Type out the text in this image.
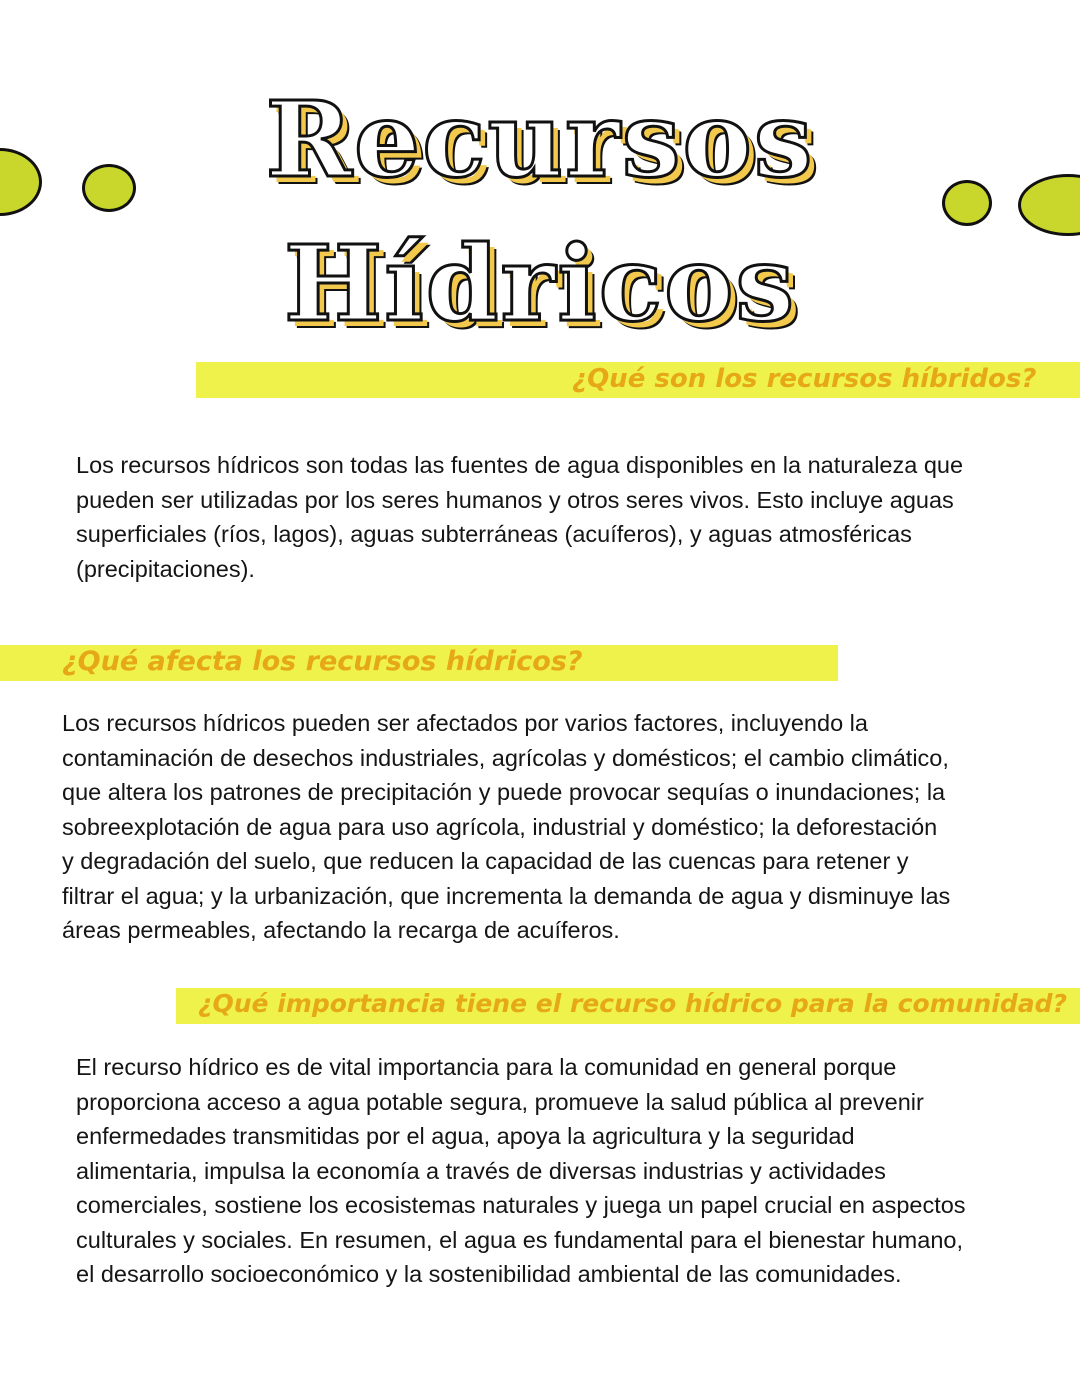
Recursos
Hídricos
¿Qué son los recursos híbridos?
Los recursos hídricos son todas las fuentes de agua disponibles en la naturaleza que
pueden ser utilizadas por los seres humanos y otros seres vivos. Esto incluye aguas
superficiales (ríos, lagos), aguas subterráneas (acuíferos), y aguas atmosféricas
(precipitaciones).
¿Qué afecta los recursos hídricos?
Los recursos hídricos pueden ser afectados por varios factores, incluyendo la
contaminación de desechos industriales, agrícolas y domésticos; el cambio climático,
que altera los patrones de precipitación y puede provocar sequías o inundaciones; la
sobreexplotación de agua para uso agrícola, industrial y doméstico; la deforestación
y degradación del suelo, que reducen la capacidad de las cuencas para retener y
filtrar el agua; y la urbanización, que incrementa la demanda de agua y disminuye las
áreas permeables, afectando la recarga de acuíferos.
¿Qué importancia tiene el recurso hídrico para la comunidad?
El recurso hídrico es de vital importancia para la comunidad en general porque
proporciona acceso a agua potable segura, promueve la salud pública al prevenir
enfermedades transmitidas por el agua, apoya la agricultura y la seguridad
alimentaria, impulsa la economía a través de diversas industrias y actividades
comerciales, sostiene los ecosistemas naturales y juega un papel crucial en aspectos
culturales y sociales. En resumen, el agua es fundamental para el bienestar humano,
el desarrollo socioeconómico y la sostenibilidad ambiental de las comunidades.
